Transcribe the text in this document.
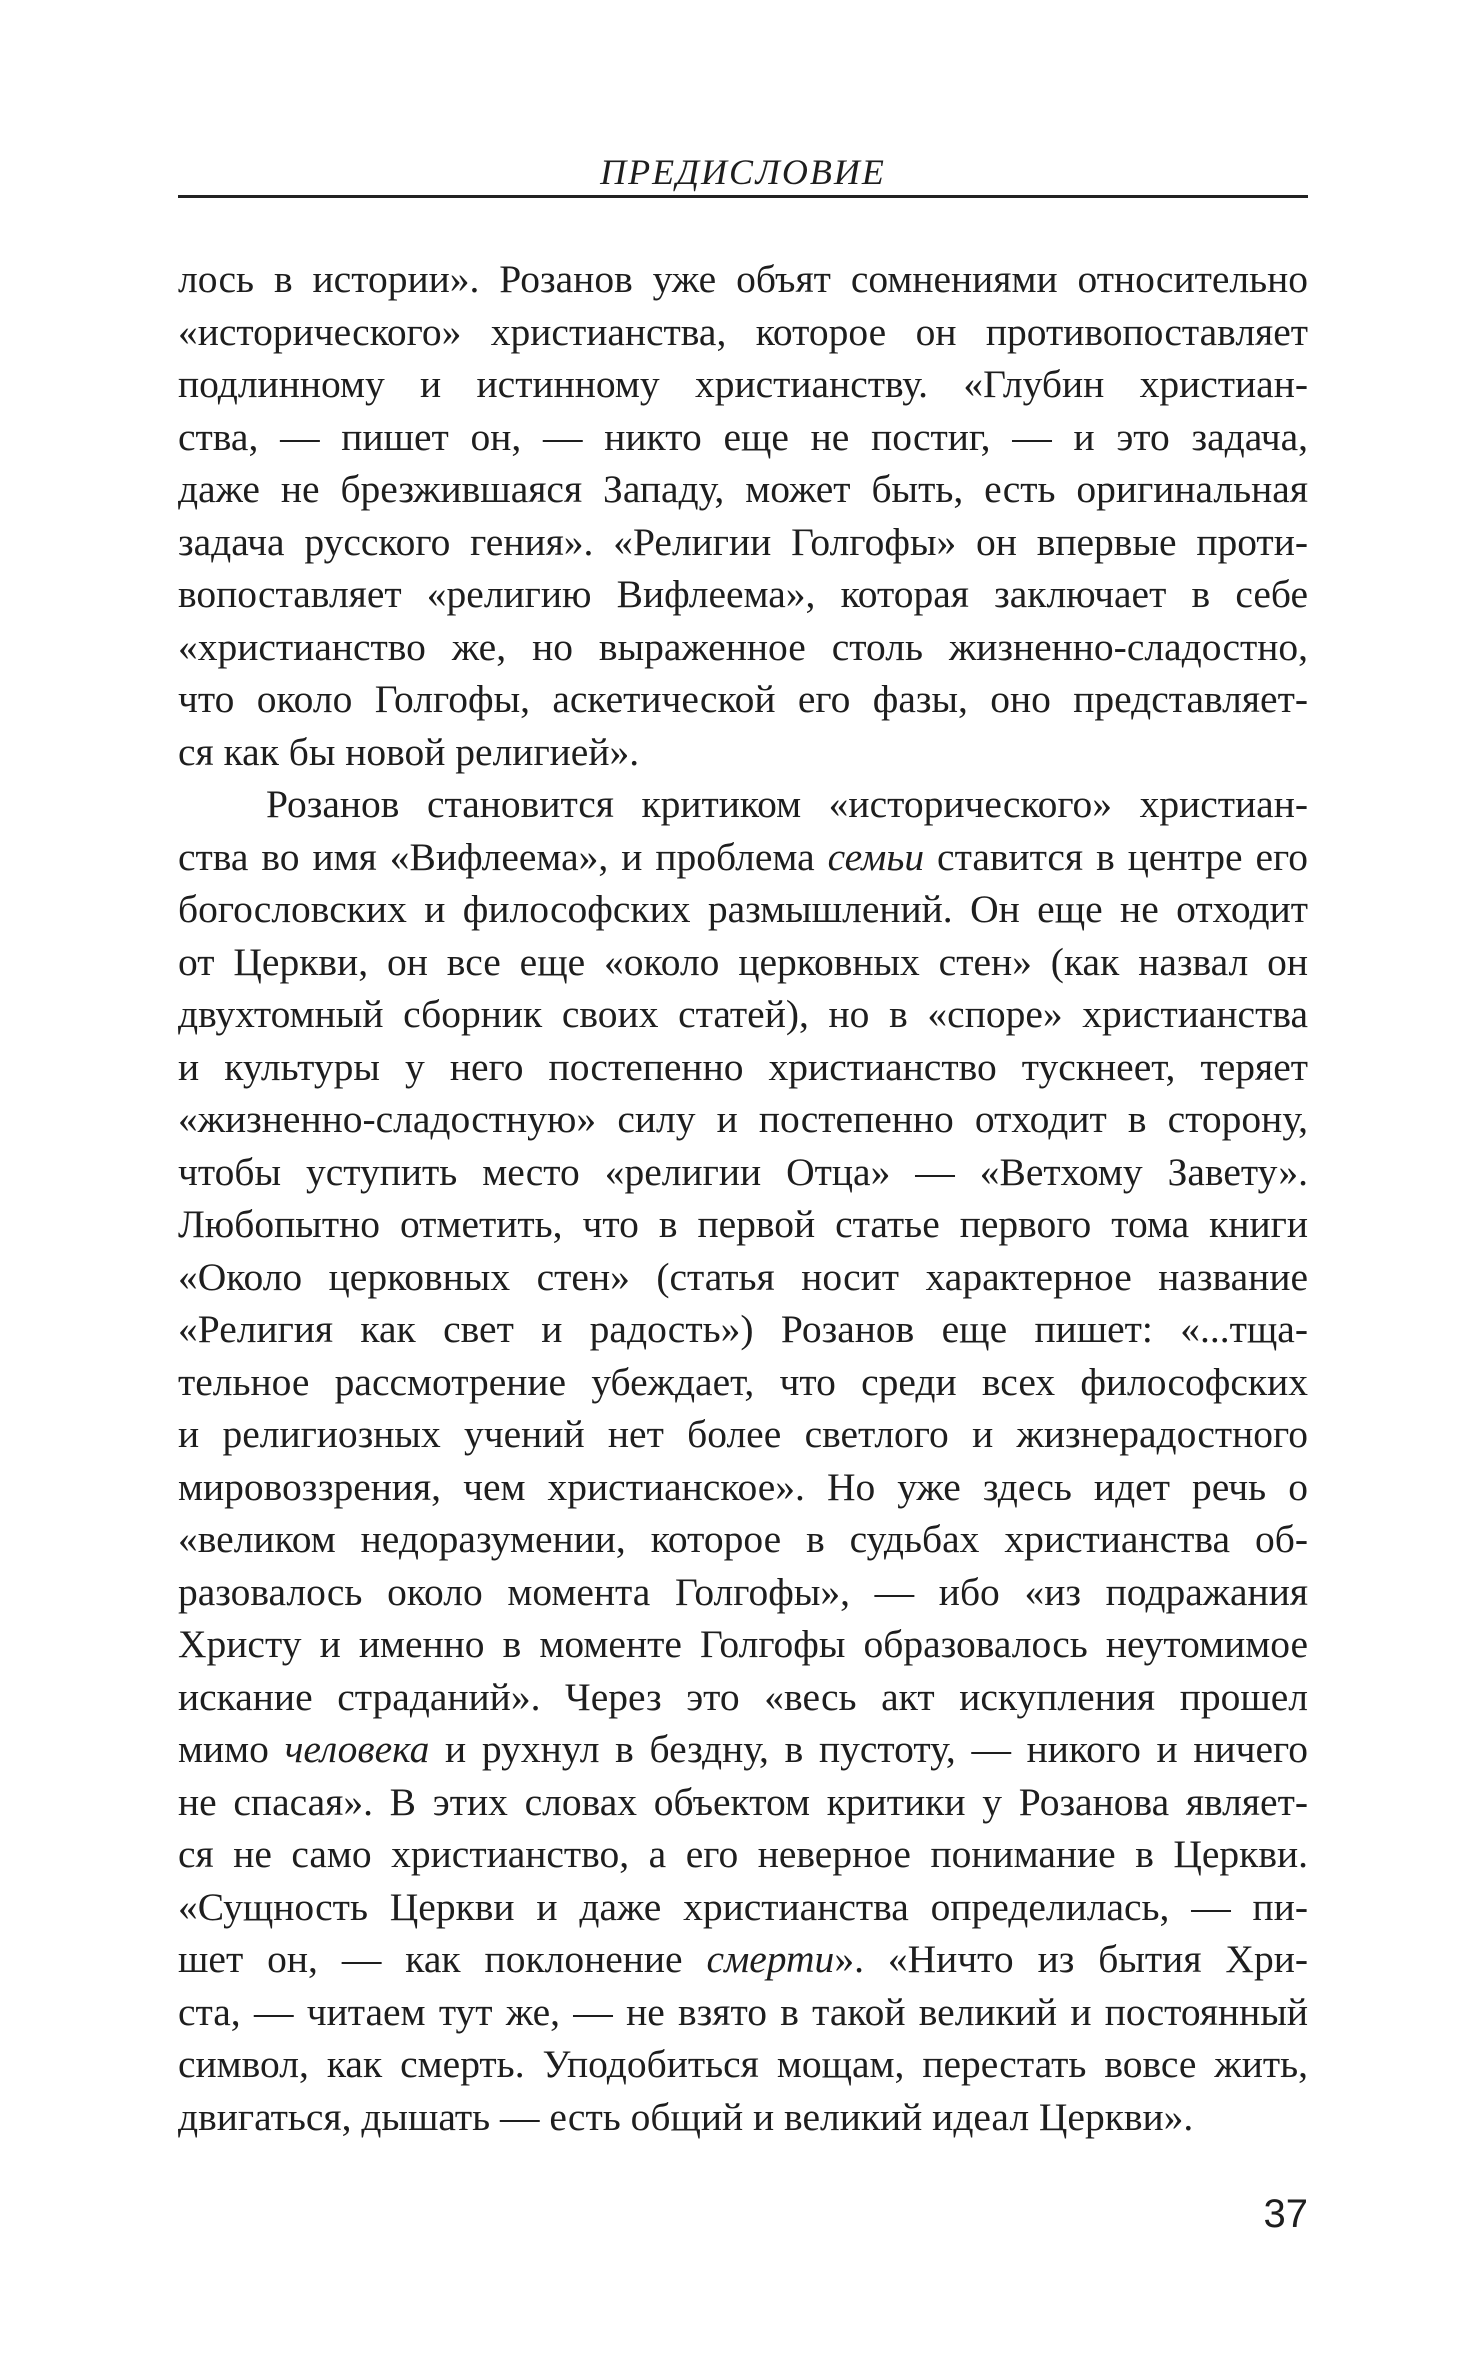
ПРЕДИСЛОВИЕ
лось в истории». Розанов уже объят сомнениями относительно
«исторического» христианства, которое он противопоставляет
подлинному и истинному христианству. «Глубин христиан-
ства, — пишет он, — никто еще не постиг, — и это задача,
даже не брезжившаяся Западу, может быть, есть оригинальная
задача русского гения». «Религии Голгофы» он впервые проти-
вопоставляет «религию Вифлеема», которая заключает в себе
«христианство же, но выраженное столь жизненно-сладостно,
что около Голгофы, аскетической его фазы, оно представляет-
ся как бы новой религией».
Розанов становится критиком «исторического» христиан-
ства во имя «Вифлеема», и проблема семьи ставится в центре его
богословских и философских размышлений. Он еще не отходит
от Церкви, он все еще «около церковных стен» (как назвал он
двухтомный сборник своих статей), но в «споре» христианства
и культуры у него постепенно христианство тускнеет, теряет
«жизненно-сладостную» силу и постепенно отходит в сторону,
чтобы уступить место «религии Отца» — «Ветхому Завету».
Любопытно отметить, что в первой статье первого тома книги
«Около церковных стен» (статья носит характерное название
«Религия как свет и радость») Розанов еще пишет: «...тща-
тельное рассмотрение убеждает, что среди всех философских
и религиозных учений нет более светлого и жизнерадостного
мировоззрения, чем христианское». Но уже здесь идет речь о
«великом недоразумении, которое в судьбах христианства об-
разовалось около момента Голгофы», — ибо «из подражания
Христу и именно в моменте Голгофы образовалось неутомимое
искание страданий». Через это «весь акт искупления прошел
мимо человека и рухнул в бездну, в пустоту, — никого и ничего
не спасая». В этих словах объектом критики у Розанова являет-
ся не само христианство, а его неверное понимание в Церкви.
«Сущность Церкви и даже христианства определилась, — пи-
шет он, — как поклонение смерти». «Ничто из бытия Хри-
ста, — читаем тут же, — не взято в такой великий и постоянный
символ, как смерть. Уподобиться мощам, перестать вовсе жить,
двигаться, дышать — есть общий и великий идеал Церкви».
37
